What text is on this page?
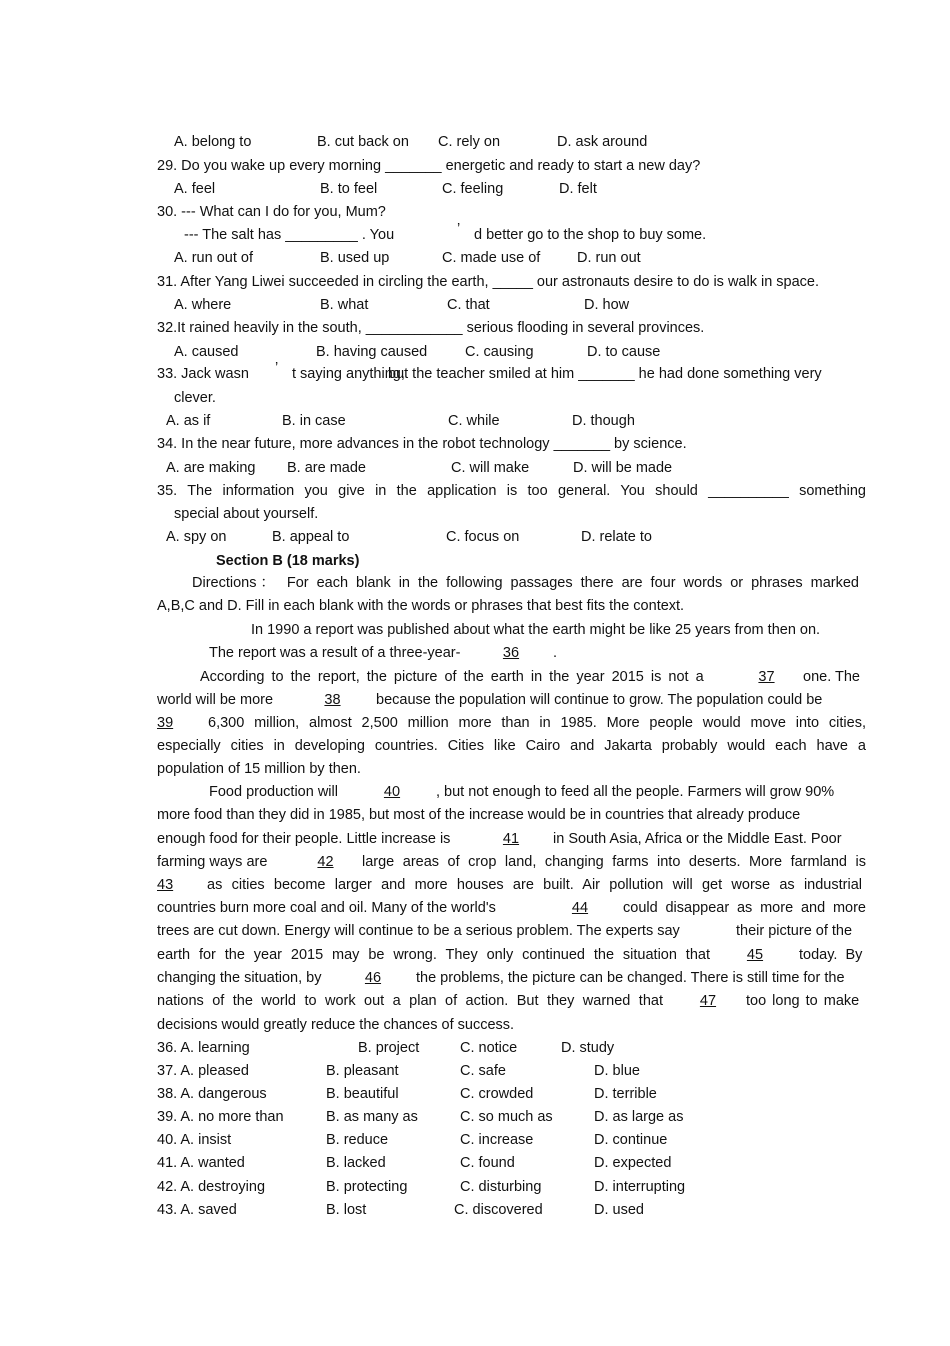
A. belong to	B. cut back on C. rely on	D. ask around
29. Do you wake up every morning _______ energetic and ready to start a new day?
A. feel	B. to feel	C. feeling	D. felt
30. --- What can I do for you, Mum?
--- The salt has _________ . You	’ d better go to the shop to buy some.
A. run out of	B. used up	C. made use of	D. run out
31. After Yang Liwei succeeded in circling the earth, _____ our astronauts desire to do is walk in space.
A. where	B. what	C. that	D. how
32.It rained heavily in the south, ____________ serious flooding in several provinces.
A. caused	B. having caused	C. causing	D. to cause
33. Jack wasn ’ t saying anything,
but the teacher smiled at him _______ he had done something very
clever.
A. as if	B. in case	C. while	D. though
34. In the near future, more advances in the robot technology _______ by science.
A. are making B. are made	C. will make	D. will be made
35. The information you give in the application is too general. You should __________ something
special about yourself.
A. spy on	B. appeal to	C. focus on	D. relate to
Section B (18 marks)
Directions： For each blank in the following passages there are four words or phrases marked
A,B,C and D. Fill in each blank with the words or phrases that best fits the context.
In 1990 a report was published about what the earth might be like 25 years from then on.
The report was a result of a three-year-	36	.
According to the report, the picture of the earth in the year 2015 is not a	37	one. The
world will be more	38	because the population will continue to grow. The population could be
39	6,300 million, almost 2,500 million more than in 1985. More people would move into cities,
especially cities in developing countries. Cities like Cairo and Jakarta probably would each have a
population of 15 million by then.
Food production will	40	, but not enough to feed all the people. Farmers will grow 90%
more food than they did in 1985, but most of the increase would be in countries that already produce
enough food for their people. Little increase is	41	in South Asia, Africa or the Middle East. Poor
farming ways are	42	large areas of crop land, changing farms into deserts. More farmland is
43	as cities become larger and more houses are built. Air pollution will get worse as industrial
countries burn more coal and oil. Many of the world's	44	could disappear as more and more
trees are cut down. Energy will continue to be a serious problem. The experts say	their picture of the
earth for the year 2015 may be wrong. They only continued the situation that	45	today. By
changing the situation, by	46	the problems, the picture can be changed. There is still time for the
nations of the world to work out a plan of action. But they warned that	47	too long to make
decisions would greatly reduce the chances of success.
36. A. learning	B. project	C. notice	D. study
37. A. pleased	B. pleasant	C. safe	D. blue
38. A. dangerous	B. beautiful	C. crowded	D. terrible
39. A. no more than	B. as many as	C. so much as	D. as large as
40. A. insist	B. reduce	C. increase	D. continue
41. A. wanted	B. lacked	C. found	D. expected
42. A. destroying	B. protecting	C. disturbing	D. interrupting
43. A. saved	B. lost	C. discovered	D. used
